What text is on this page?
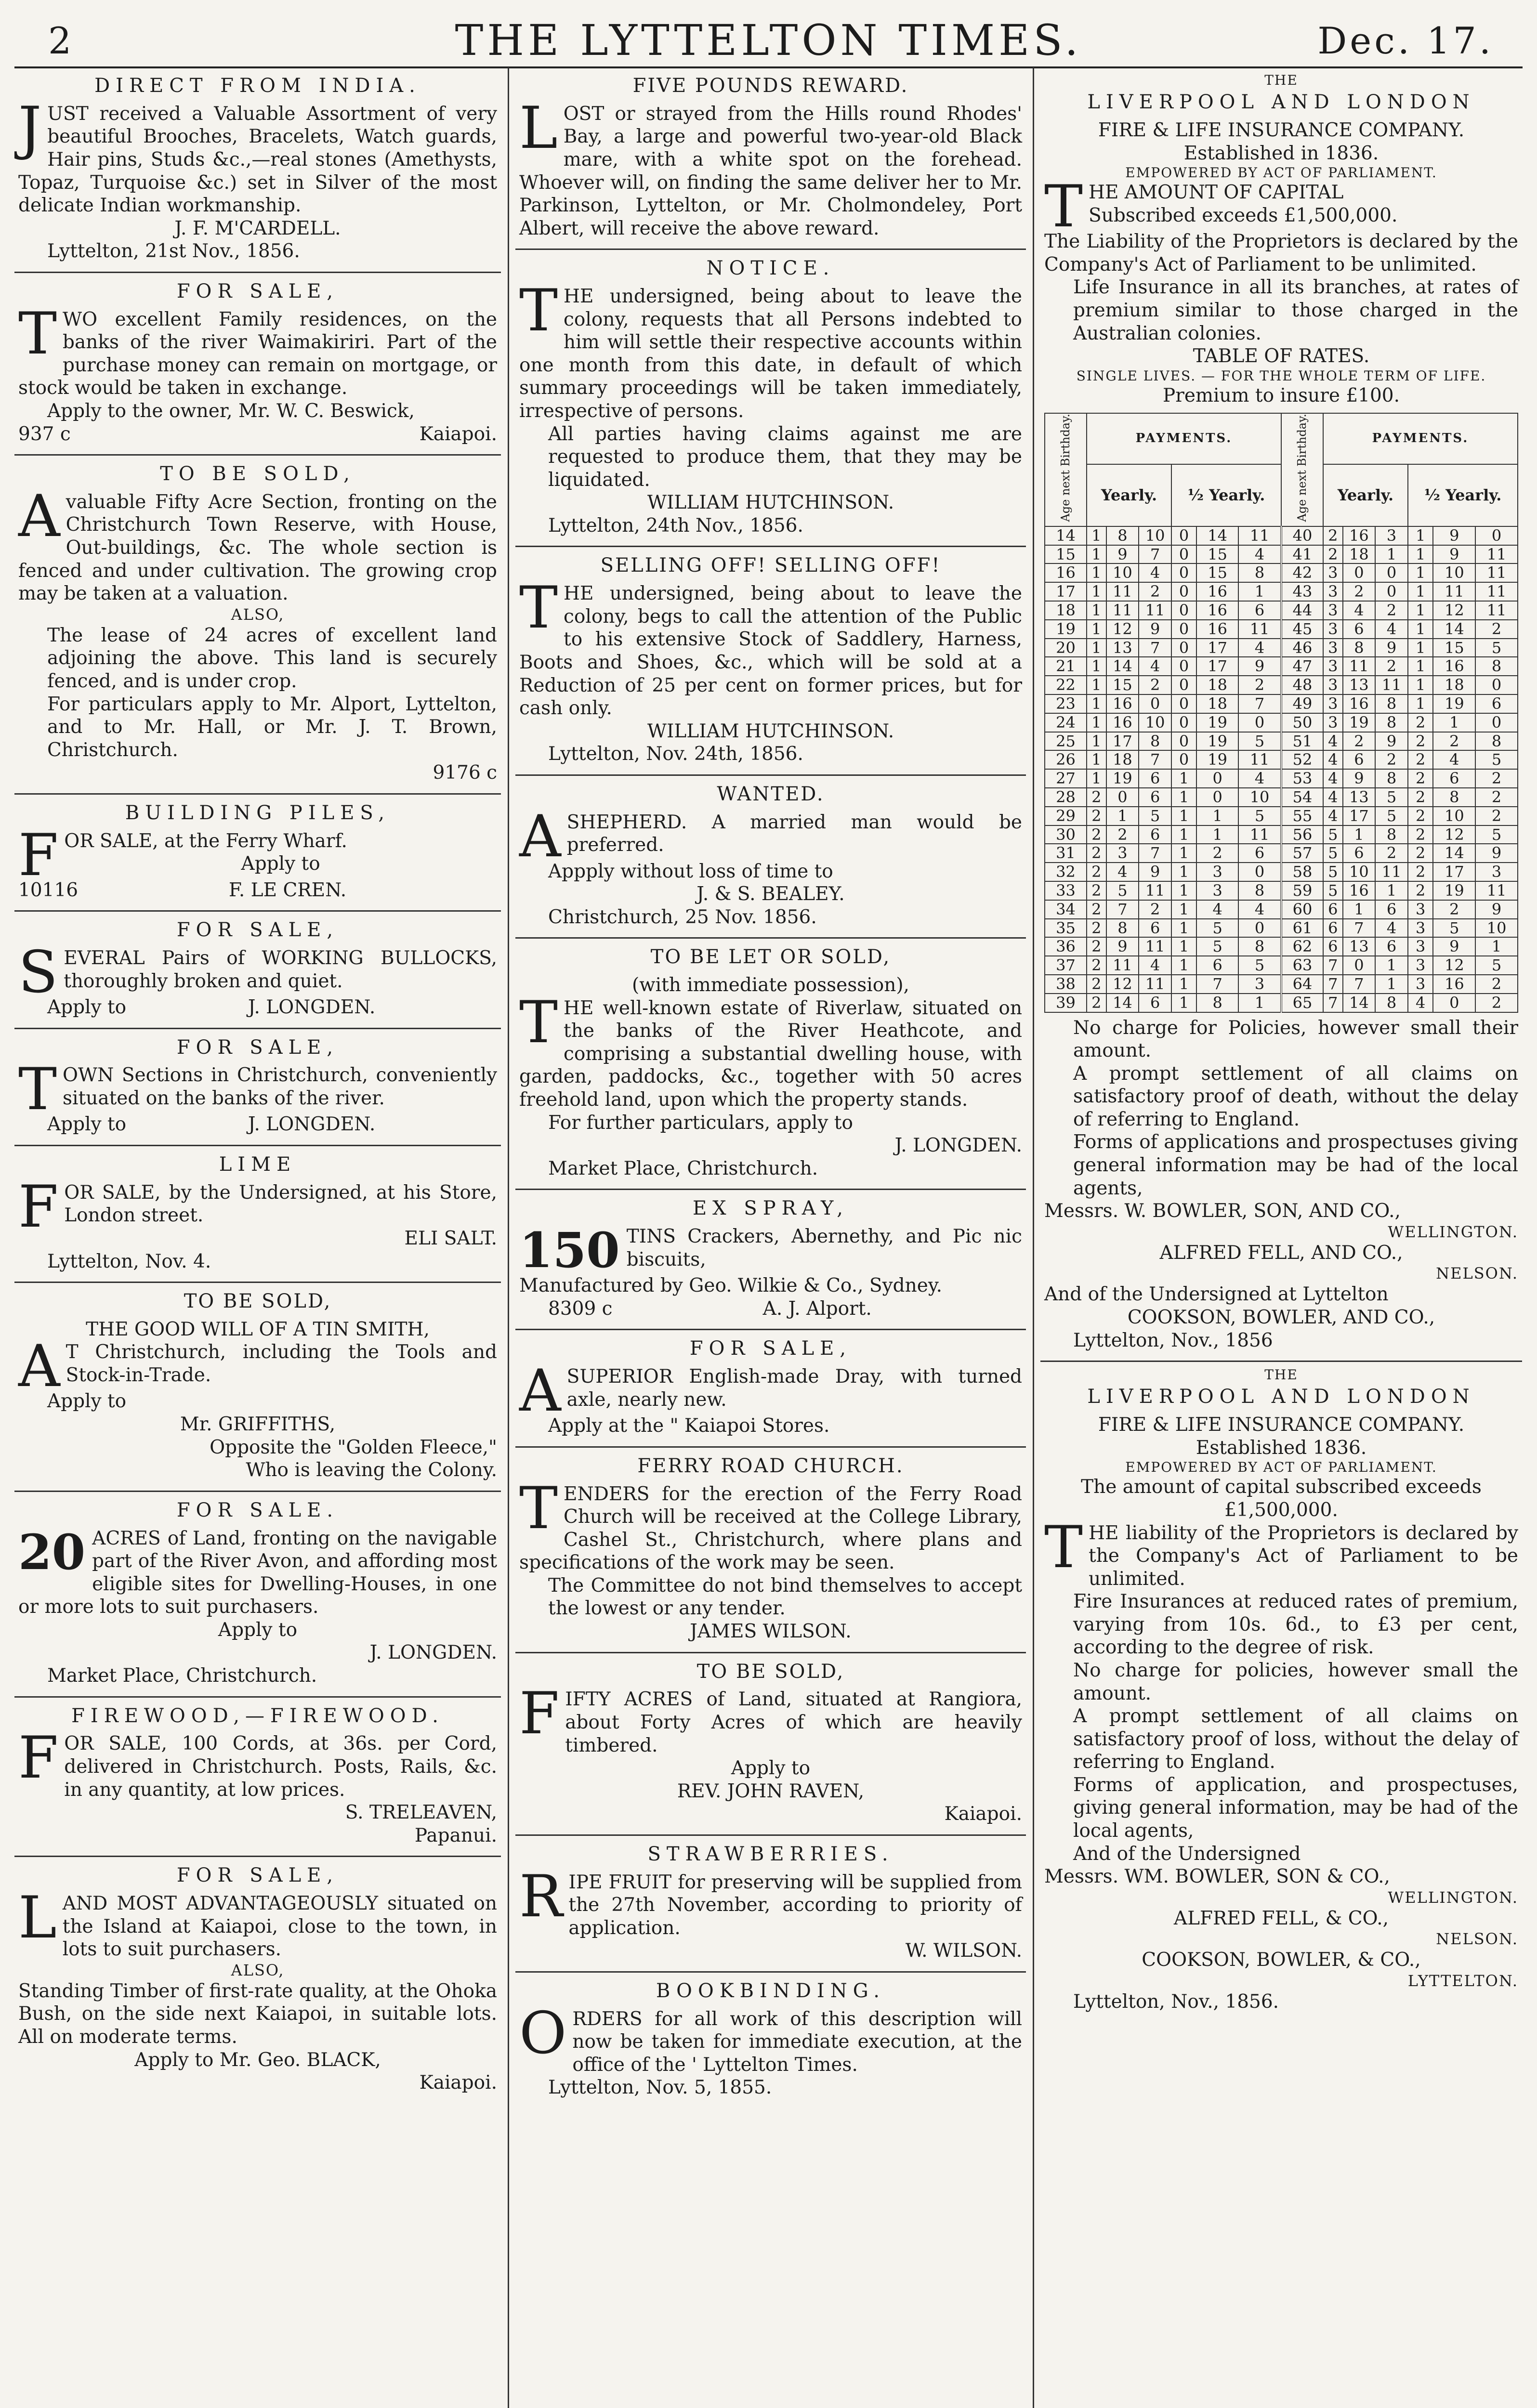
2	THE LYTTELTON TIMES.	Dec. 17.
DIRECT FROM INDIA.
JUST received a Valuable Assortment of very beautiful Brooches, Bracelets, Watch guards, Hair pins, Studs &c.,—real stones (Amethysts, Topaz, Turquoise &c.) set in Silver of the most delicate Indian workmanship.
J. F. M'CARDELL.
Lyttelton, 21st Nov., 1856.
FOR SALE,
TWO excellent Family residences, on the banks of the river Waimakiriri. Part of the purchase money can remain on mortgage, or stock would be taken in exchange.
Apply to the owner, Mr. W. C. Beswick,
937 c	Kaiapoi.
TO BE SOLD,
Avaluable Fifty Acre Section, fronting on the Christchurch Town Reserve, with House, Out-buildings, &c. The whole section is fenced and under cultivation. The growing crop may be taken at a valuation.
ALSO,
The lease of 24 acres of excellent land adjoining the above. This land is securely fenced, and is under crop.
For particulars apply to Mr. Alport, Lyttelton, and to Mr. Hall, or Mr. J. T. Brown, Christchurch.
9176 c
BUILDING PILES,
FOR SALE, at the Ferry Wharf.
Apply to
10116	F. LE CREN.
FOR SALE,
SEVERAL Pairs of WORKING BULLOCKS, thoroughly broken and quiet.
Apply to	J. LONGDEN.
FOR SALE,
TOWN Sections in Christchurch, conveniently situated on the banks of the river.
Apply to	J. LONGDEN.
LIME
FOR SALE, by the Undersigned, at his Store, London street.
ELI SALT.
Lyttelton, Nov. 4.
TO BE SOLD,
THE GOOD WILL OF A TIN SMITH,
A T Christchurch, including the Tools and Stock-in-Trade.
Apply to
Mr. GRIFFITHS,
Opposite the "Golden Fleece,"
Who is leaving the Colony.
FOR SALE.
20 ACRES of Land, fronting on the navigable part of the River Avon, and affording most eligible sites for Dwelling-Houses, in one or more lots to suit purchasers.
Apply to
J. LONGDEN.
Market Place, Christchurch.
FIREWOOD,—FIREWOOD.
FOR SALE, 100 Cords, at 36s. per Cord, delivered in Christchurch. Posts, Rails, &c. in any quantity, at low prices.
S. TRELEAVEN,
Papanui.
FOR SALE,
LAND MOST ADVANTAGEOUSLY situated on the Island at Kaiapoi, close to the town, in lots to suit purchasers.
ALSO,
Standing Timber of first-rate quality, at the Ohoka Bush, on the side next Kaiapoi, in suitable lots. All on moderate terms.
Apply to Mr. Geo. BLACK,
Kaiapoi.
FIVE POUNDS REWARD.
LOST or strayed from the Hills round Rhodes' Bay, a large and powerful two-year-old Black mare, with a white spot on the forehead. Whoever will, on finding the same deliver her to Mr. Parkinson, Lyttelton, or Mr. Cholmondeley, Port Albert, will receive the above reward.
NOTICE.
THE undersigned, being about to leave the colony, requests that all Persons indebted to him will settle their respective accounts within one month from this date, in default of which summary proceedings will be taken immediately, irrespective of persons.
All parties having claims against me are requested to produce them, that they may be liquidated.
WILLIAM HUTCHINSON.
Lyttelton, 24th Nov., 1856.
SELLING OFF! SELLING OFF!
THE undersigned, being about to leave the colony, begs to call the attention of the Public to his extensive Stock of Saddlery, Harness, Boots and Shoes, &c., which will be sold at a Reduction of 25 per cent on former prices, but for cash only.
WILLIAM HUTCHINSON.
Lyttelton, Nov. 24th, 1856.
WANTED.
ASHEPHERD. A married man would be preferred.
Appply without loss of time to
J. & S. BEALEY.
Christchurch, 25 Nov. 1856.
TO BE LET OR SOLD,
(with immediate possession),
THE well-known estate of Riverlaw, situated on the banks of the River Heathcote, and comprising a substantial dwelling house, with garden, paddocks, &c., together with 50 acres freehold land, upon which the property stands.
For further particulars, apply to
J. LONGDEN.
Market Place, Christchurch.
EX SPRAY,
150 TINS Crackers, Abernethy, and Pic nic biscuits,
Manufactured by Geo. Wilkie & Co., Sydney.
8309 c	A. J. Alport.
FOR SALE,
ASUPERIOR English-made Dray, with turned axle, nearly new.
Apply at the " Kaiapoi Stores.
FERRY ROAD CHURCH.
TENDERS for the erection of the Ferry Road Church will be received at the College Library, Cashel St., Christchurch, where plans and specifications of the work may be seen.
The Committee do not bind themselves to accept the lowest or any tender.
JAMES WILSON.
TO BE SOLD,
FIFTY ACRES of Land, situated at Rangiora, about Forty Acres of which are heavily timbered.
Apply to
REV. JOHN RAVEN,
Kaiapoi.
STRAWBERRIES.
RIPE FRUIT for preserving will be supplied from the 27th November, according to priority of application.
W. WILSON.
BOOKBINDING.
ORDERS for all work of this description will now be taken for immediate execution, at the office of the ' Lyttelton Times.
Lyttelton, Nov. 5, 1855.
THE
LIVERPOOL AND LONDON
FIRE & LIFE INSURANCE COMPANY.
Established in 1836.
EMPOWERED BY ACT OF PARLIAMENT.
THE AMOUNT OF CAPITAL
Subscribed exceeds £1,500,000.
The Liability of the Proprietors is declared by the Company's Act of Parliament to be unlimited.
Life Insurance in all its branches, at rates of premium similar to those charged in the Australian colonies.
TABLE OF RATES.
SINGLE LIVES. — FOR THE WHOLE TERM OF LIFE.
Premium to insure £100.
Age next Birthday.	PAYMENTS.						Age next Birthday.	PAYMENTS.					
	Yearly.			½ Yearly.				Yearly.			½ Yearly.		
14	1	8	10	0	14	11	40	2	16	3	1	9	0
15	1	9	7	0	15	4	41	2	18	1	1	9	11
16	1	10	4	0	15	8	42	3	0	0	1	10	11
17	1	11	2	0	16	1	43	3	2	0	1	11	11
18	1	11	11	0	16	6	44	3	4	2	1	12	11
19	1	12	9	0	16	11	45	3	6	4	1	14	2
20	1	13	7	0	17	4	46	3	8	9	1	15	5
21	1	14	4	0	17	9	47	3	11	2	1	16	8
22	1	15	2	0	18	2	48	3	13	11	1	18	0
23	1	16	0	0	18	7	49	3	16	8	1	19	6
24	1	16	10	0	19	0	50	3	19	8	2	1	0
25	1	17	8	0	19	5	51	4	2	9	2	2	8
26	1	18	7	0	19	11	52	4	6	2	2	4	5
27	1	19	6	1	0	4	53	4	9	8	2	6	2
28	2	0	6	1	0	10	54	4	13	5	2	8	2
29	2	1	5	1	1	5	55	4	17	5	2	10	2
30	2	2	6	1	1	11	56	5	1	8	2	12	5
31	2	3	7	1	2	6	57	5	6	2	2	14	9
32	2	4	9	1	3	0	58	5	10	11	2	17	3
33	2	5	11	1	3	8	59	5	16	1	2	19	11
34	2	7	2	1	4	4	60	6	1	6	3	2	9
35	2	8	6	1	5	0	61	6	7	4	3	5	10
36	2	9	11	1	5	8	62	6	13	6	3	9	1
37	2	11	4	1	6	5	63	7	0	1	3	12	5
38	2	12	11	1	7	3	64	7	7	1	3	16	2
39	2	14	6	1	8	1	65	7	14	8	4	0	2
No charge for Policies, however small their amount.
A prompt settlement of all claims on satisfactory proof of death, without the delay of referring to England.
Forms of applications and prospectuses giving general information may be had of the local agents,
Messrs. W. BOWLER, SON, AND CO.,
WELLINGTON.
ALFRED FELL, AND CO.,
NELSON.
And of the Undersigned at Lyttelton
COOKSON, BOWLER, AND CO.,
Lyttelton, Nov., 1856
THE
LIVERPOOL AND LONDON
FIRE & LIFE INSURANCE COMPANY.
Established 1836.
EMPOWERED BY ACT OF PARLIAMENT.
The amount of capital subscribed exceeds
£1,500,000.
THE liability of the Proprietors is declared by the Company's Act of Parliament to be unlimited.
Fire Insurances at reduced rates of premium, varying from 10s. 6d., to £3 per cent, according to the degree of risk.
No charge for policies, however small the amount.
A prompt settlement of all claims on satisfactory proof of loss, without the delay of referring to England.
Forms of application, and prospectuses, giving general information, may be had of the local agents,
And of the Undersigned
Messrs. WM. BOWLER, SON & CO.,
WELLINGTON.
ALFRED FELL, & CO.,
NELSON.
COOKSON, BOWLER, & CO.,
LYTTELTON.
Lyttelton, Nov., 1856.
